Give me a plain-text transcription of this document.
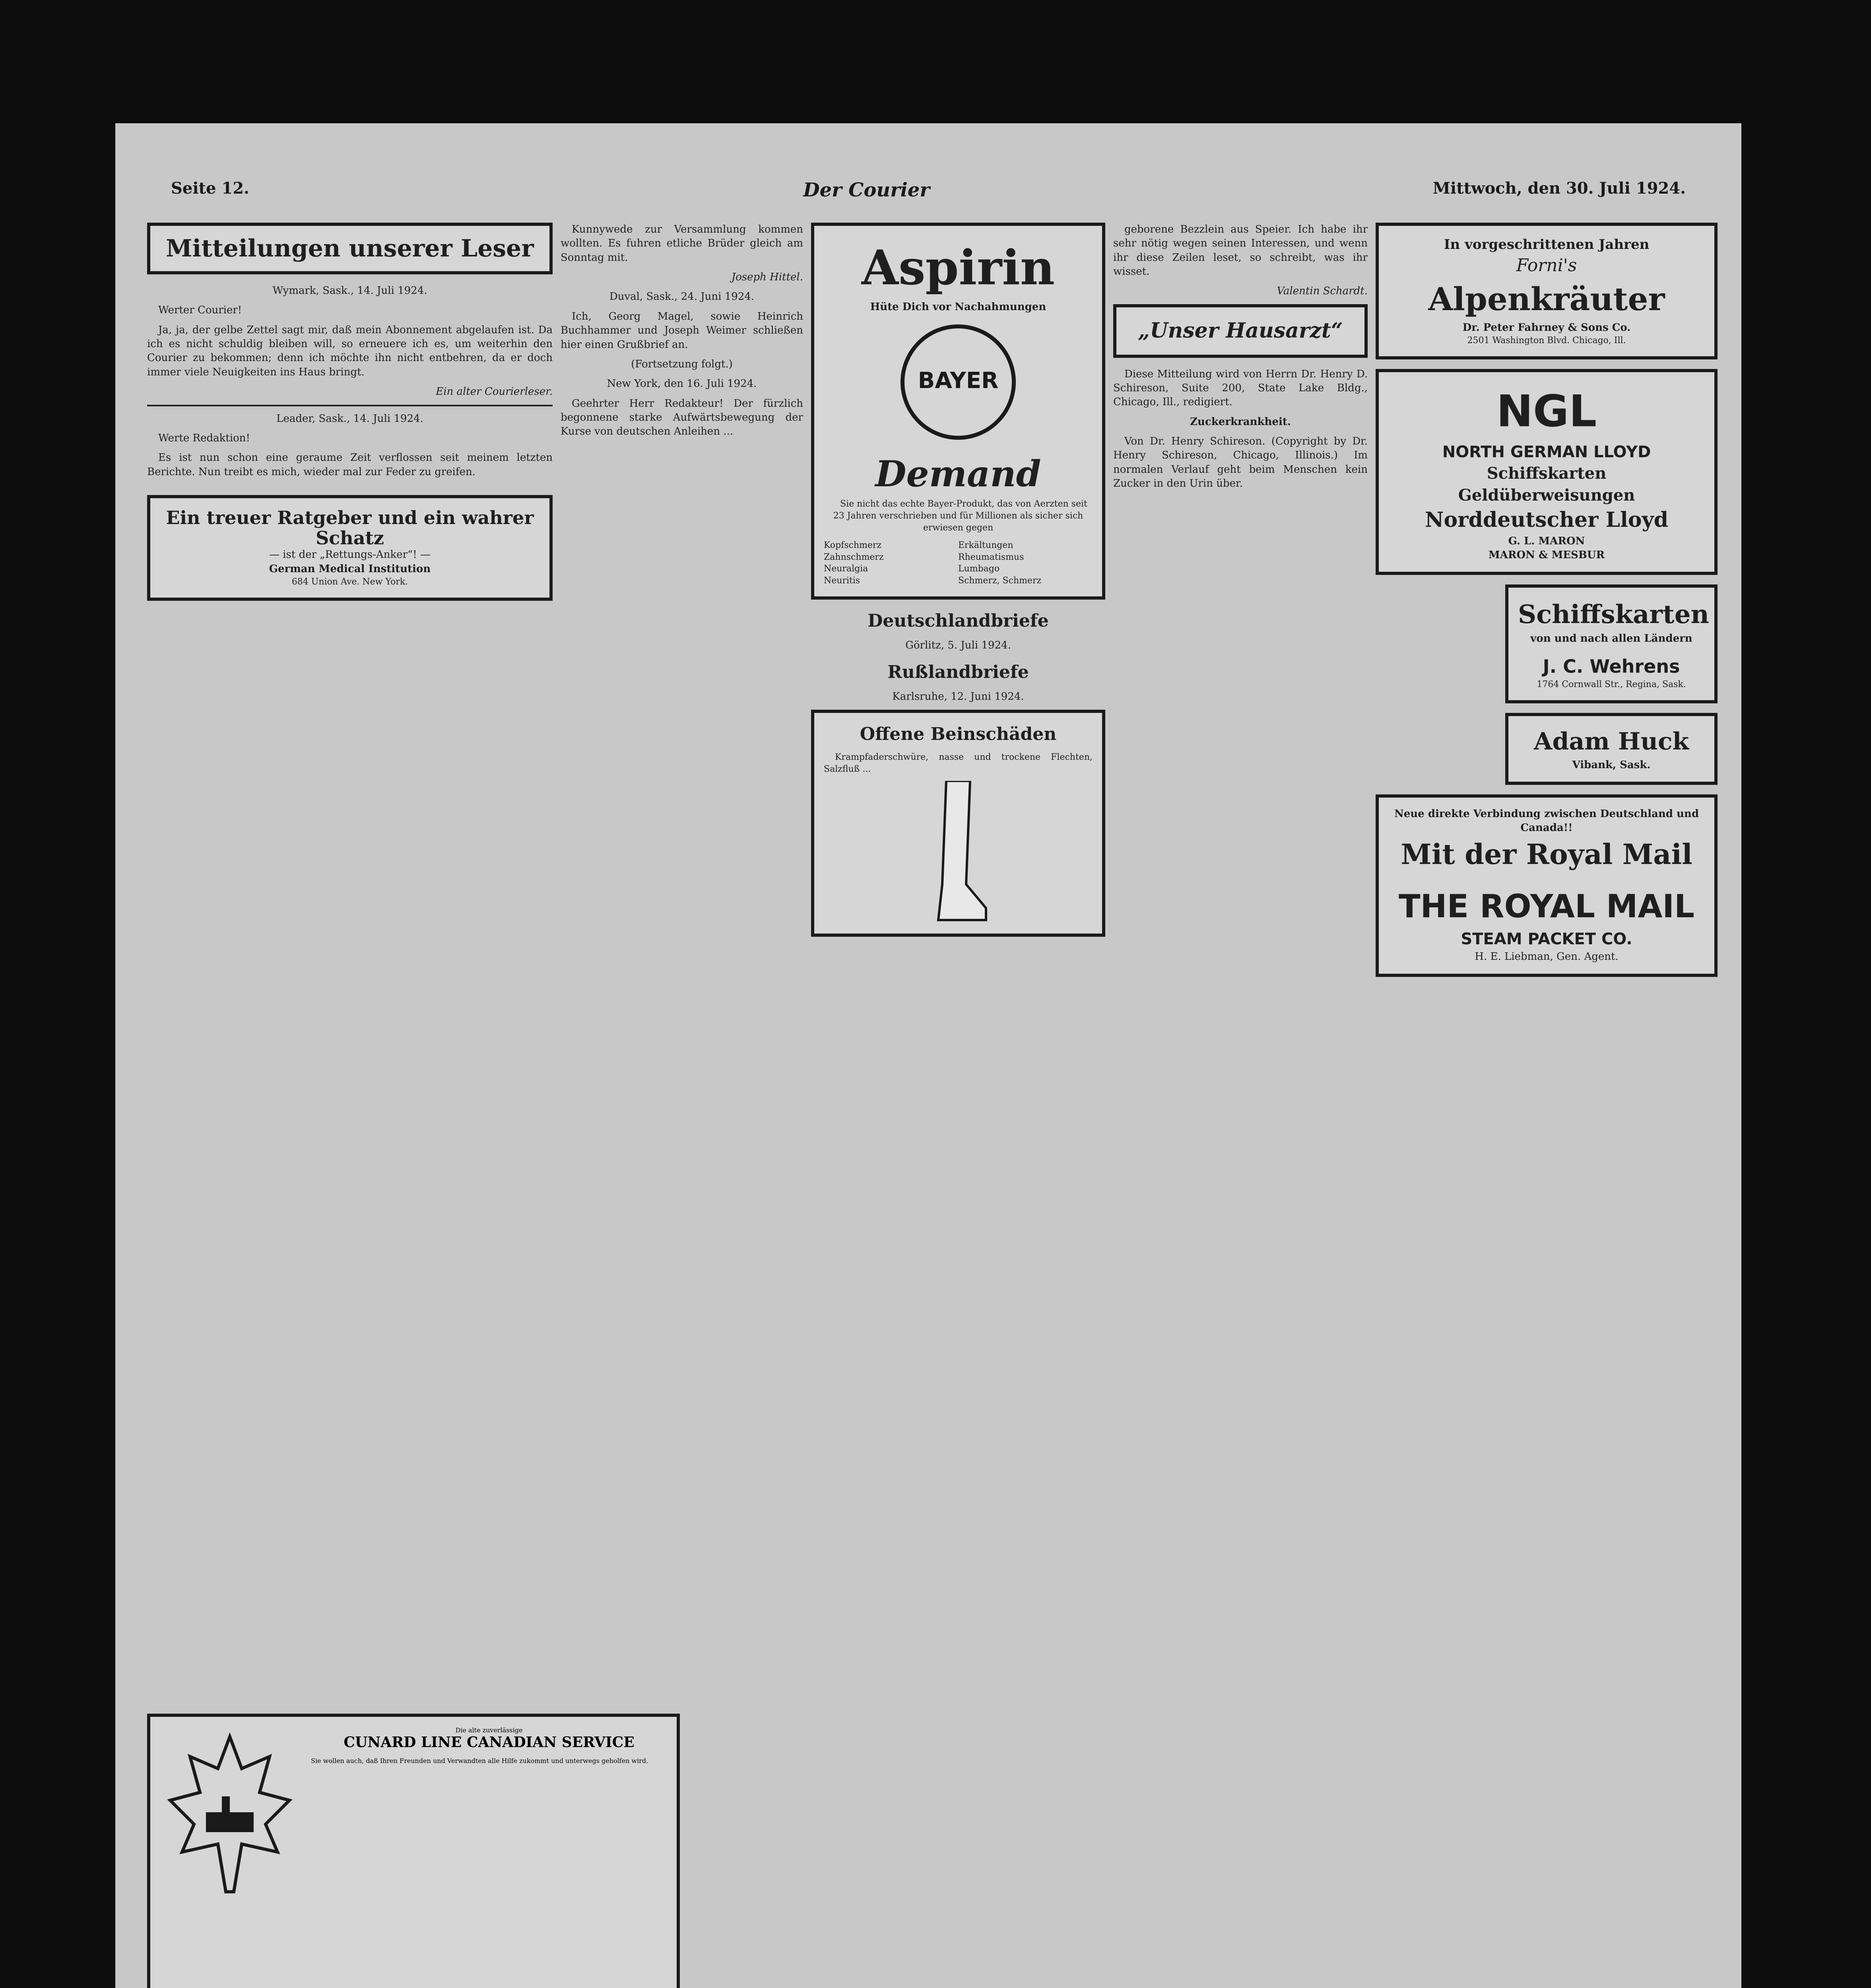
Seite 12.	Der Courier	Mittwoch, den 30. Juli 1924.
Mitteilungen unserer Leser

Wymark, Sask., 14. Juli 1924.

Werter Courier!

Ja, ja, der gelbe Zettel sagt mir, daß mein Abonnement abgelaufen ist. Da ich es nicht schuldig bleiben will, so erneuere ich es, um weiterhin den Courier zu bekommen; denn ich möchte ihn nicht entbehren, da er doch immer viele Neuigkeiten ins Haus bringt.

Ein alter Courierleser.

Leader, Sask., 14. Juli 1924.

Werte Redaktion!

Es ist nun schon eine geraume Zeit verflossen seit meinem letzten Berichte. Nun treibt es mich, wieder mal zur Feder zu greifen.

Ein treuer Ratgeber und ein wahrer Schatz
— ist der „Rettungs-Anker“! —
German Medical Institution
684 Union Ave. New York.

Kunnywede zur Versammlung kommen wollten. Es fuhren etliche Brüder gleich am Sonntag mit.

Joseph Hittel.

Duval, Sask., 24. Juni 1924.

Ich, Georg Magel, sowie Heinrich Buchhammer und Joseph Weimer schließen hier einen Grußbrief an.

(Fortsetzung folgt.)

New York, den 16. Juli 1924.

Geehrter Herr Redakteur! Der fürzlich begonnene starke Aufwärtsbewegung der Kurse von deutschen Anleihen ...

Die alte zuverlässige
CUNARD LINE CANADIAN SERVICE

Sie wollen auch, daß Ihren Freunden und Verwandten alle Hilfe zukommt und unterwegs geholfen wird.

Aspirin
Hüte Dich vor Nachahmungen
BAYER
Demand

Sie nicht das echte Bayer-Produkt, das von Aerzten seit 23 Jahren verschrieben und für Millionen als sicher sich erwiesen gegen

Kopfschmerz	Erkältungen
Zahnschmerz	Rheumatismus
Neuralgia	Lumbago
Neuritis	Schmerz, Schmerz
Deutschlandbriefe

Görlitz, 5. Juli 1924.

Rußlandbriefe

Karlsruhe, 12. Juni 1924.

Offene Beinschäden

Krampfaderschwüre, nasse und trockene Flechten, Salzfluß ...

geborene Bezzlein aus Speier. Ich habe ihr sehr nötig wegen seinen Interessen, und wenn ihr diese Zeilen leset, so schreibt, was ihr wisset.

Valentin Schardt.

„Unser Hausarzt“

Diese Mitteilung wird von Herrn Dr. Henry D. Schireson, Suite 200, State Lake Bldg., Chicago, Ill., redigiert.

Zuckerkrankheit.

Von Dr. Henry Schireson. (Copyright by Dr. Henry Schireson, Chicago, Illinois.) Im normalen Verlauf geht beim Menschen kein Zucker in den Urin über.

In vorgeschrittenen Jahren
Forni's
Alpenkräuter
Dr. Peter Fahrney & Sons Co.
2501 Washington Blvd. Chicago, Ill.
NGL
NORTH GERMAN LLOYD
Schiffskarten
Geldüberweisungen
Norddeutscher Lloyd
G. L. MARON
MARON & MESBUR
Schiffskarten
von und nach allen Ländern
J. C. Wehrens
1764 Cornwall Str., Regina, Sask.
Adam Huck
Vibank, Sask.
Neue direkte Verbindung zwischen Deutschland und Canada!!
Mit der Royal Mail
THE ROYAL MAIL
STEAM PACKET CO.
H. E. Liebman, Gen. Agent.
